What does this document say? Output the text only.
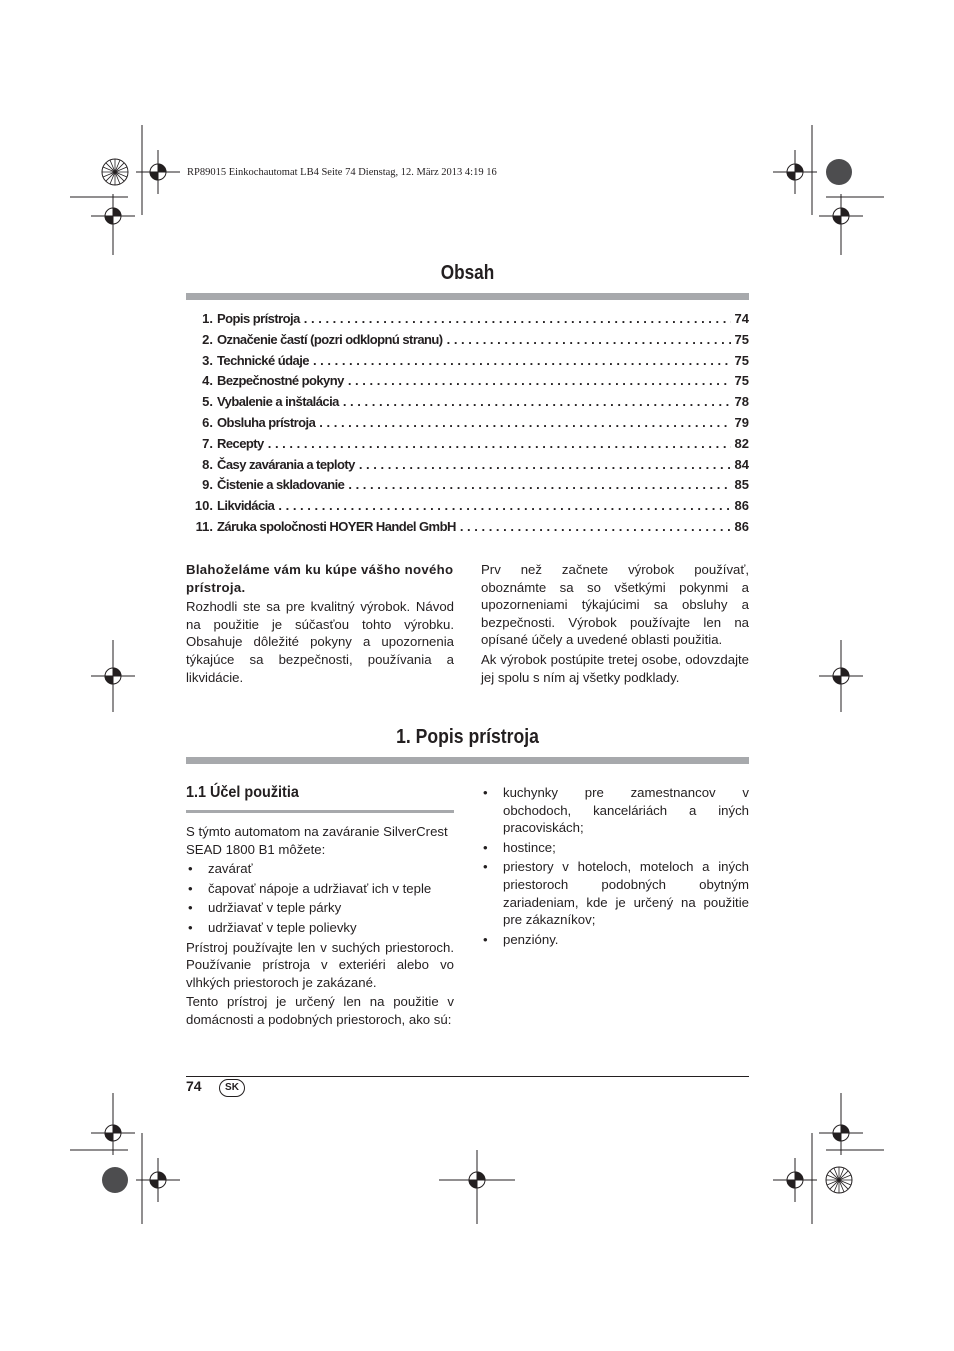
RP89015 Einkochautomat LB4 Seite 74 Dienstag, 12. März 2013 4:19 16
Obsah
1. Popis prístroja . . .	74
2. Označenie častí (pozri odklopnú stranu) . . .	75
3. Technické údaje . . .	75
4. Bezpečnostné pokyny . . .	75
5. Vybalenie a inštalácia . . .	78
6. Obsluha prístroja . . .	79
7. Recepty . . .	82
8. Časy zavárania a teploty . . .	84
9. Čistenie a skladovanie . . .	85
10. Likvidácia . . .	86
11. Záruka spoločnosti HOYER Handel GmbH . . .	86

Blahoželáme vám ku kúpe vášho nového prístroja.

Rozhodli ste sa pre kvalitný výrobok. Návod na použitie je súčasťou tohto výrobku. Obsahuje dôležité pokyny a upozornenia týkajúce sa bezpečnosti, používania a likvidácie.

Prv než začnete výrobok používať, oboznámte sa so všetkými pokynmi a upozorneniami týkajúcimi sa obsluhy a bezpečnosti. Výrobok používajte len na opísané účely a uvedené oblasti použitia.

Ak výrobok postúpite tretej osobe, odovzdajte jej spolu s ním aj všetky podklady.

1. Popis prístroja
1.1 Účel použitia

S týmto automatom na zaváranie SilverCrest SEAD 1800 B1 môžete:

• zavárať
• čapovať nápoje a udržiavať ich v teple
• udržiavať v teple párky
• udržiavať v teple polievky

Prístroj používajte len v suchých priestoroch. Používanie prístroja v exteriéri alebo vo vlhkých priestoroch je zakázané.

Tento prístroj je určený len na použitie v domácnosti a podobných priestoroch, ako sú:

• kuchynky pre zamestnancov v obchodoch, kanceláriách a iných pracoviskách;
• hostince;
• priestory v hoteloch, moteloch a iných priestoroch podobných obytným zariadeniam, kde je určený na použitie pre zákazníkov;
• penzióny.
74	SK
